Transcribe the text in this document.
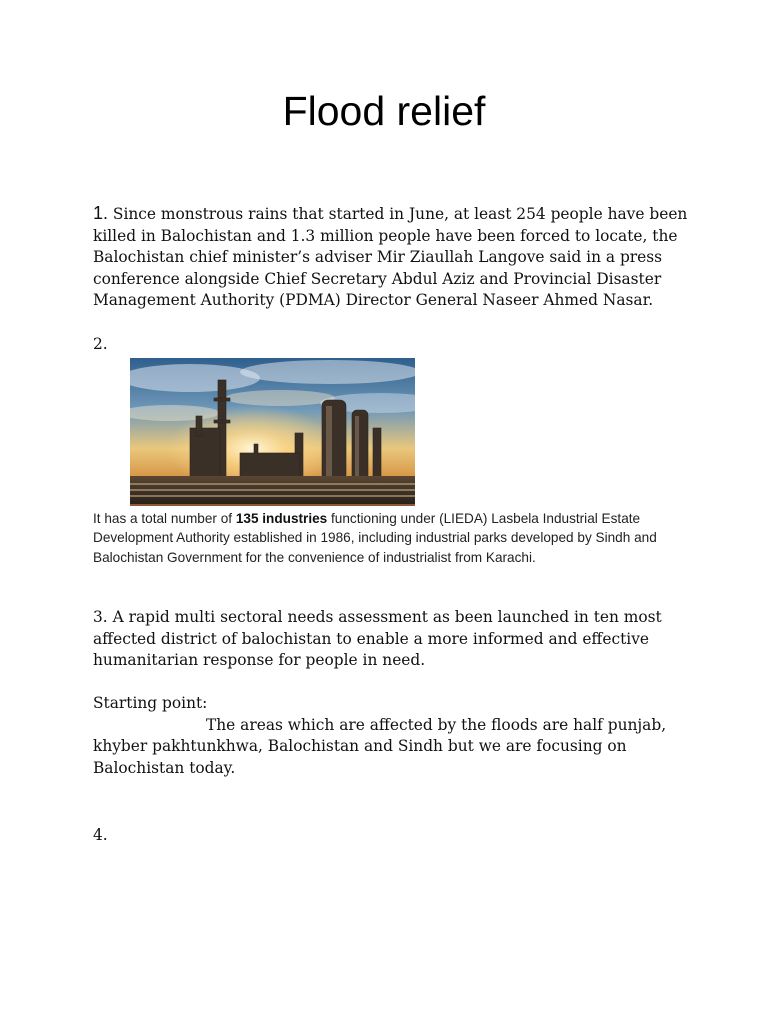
Flood relief

1. Since monstrous rains that started in June, at least 254 people have been killed in Balochistan and 1.3 million people have been forced to locate, the Balochistan chief minister’s adviser Mir Ziaullah Langove said in a press conference alongside Chief Secretary Abdul Aziz and Provincial Disaster Management Authority (PDMA) Director General Naseer Ahmed Nasar.

2.

It has a total number of 135 industries functioning under (LIEDA) Lasbela Industrial Estate Development Authority established in 1986, including industrial parks developed by Sindh and Balochistan Government for the convenience of industrialist from Karachi.

3. A rapid multi sectoral needs assessment as been launched in ten most affected district of balochistan to enable a more informed and effective humanitarian response for people in need.

Starting point:
The areas which are affected by the floods are half punjab, khyber pakhtunkhwa, Balochistan and Sindh but we are focusing on Balochistan today.

4.
